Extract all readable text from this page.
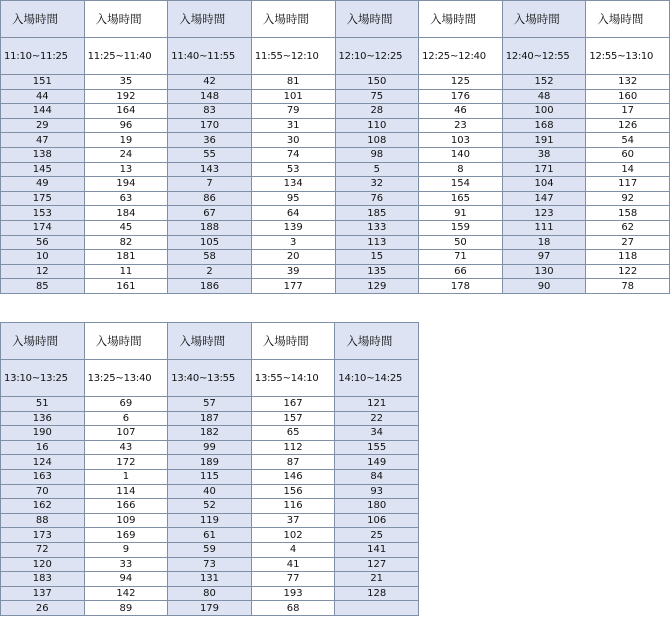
入場時間	入場時間	入場時間	入場時間	入場時間	入場時間	入場時間	入場時間
11:10~11:25	11:25~11:40	11:40~11:55	11:55~12:10	12:10~12:25	12:25~12:40	12:40~12:55	12:55~13:10
151	35	42	81	150	125	152	132
44	192	148	101	75	176	48	160
144	164	83	79	28	46	100	17
29	96	170	31	110	23	168	126
47	19	36	30	108	103	191	54
138	24	55	74	98	140	38	60
145	13	143	53	5	8	171	14
49	194	7	134	32	154	104	117
175	63	86	95	76	165	147	92
153	184	67	64	185	91	123	158
174	45	188	139	133	159	111	62
56	82	105	3	113	50	18	27
10	181	58	20	15	71	97	118
12	11	2	39	135	66	130	122
85	161	186	177	129	178	90	78
入場時間	入場時間	入場時間	入場時間	入場時間
13:10~13:25	13:25~13:40	13:40~13:55	13:55~14:10	14:10~14:25
51	69	57	167	121
136	6	187	157	22
190	107	182	65	34
16	43	99	112	155
124	172	189	87	149
163	1	115	146	84
70	114	40	156	93
162	166	52	116	180
88	109	119	37	106
173	169	61	102	25
72	9	59	4	141
120	33	73	41	127
183	94	131	77	21
137	142	80	193	128
26	89	179	68	
